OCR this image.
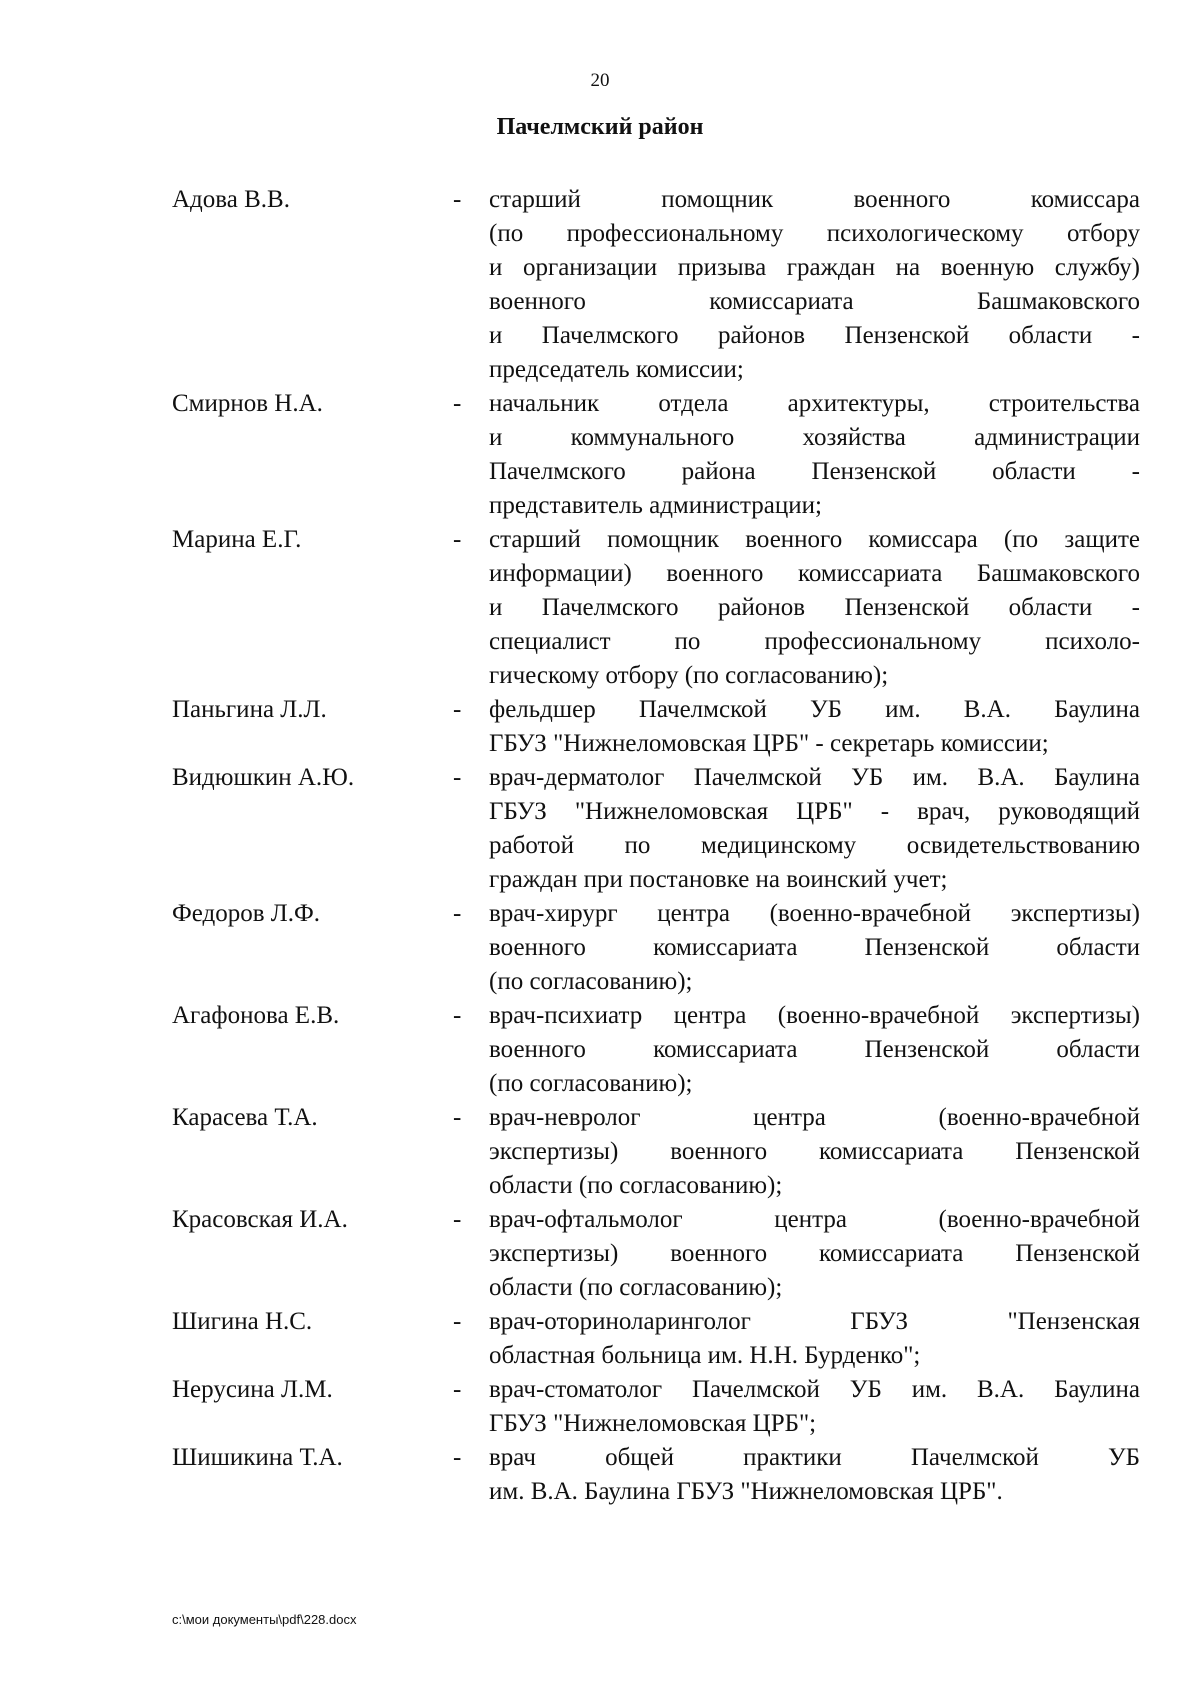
20
Пачелмский район
Адова В.В.	-	старший помощник военного комиссара
(по профессиональному психологическому отбору
и организации призыва граждан на военную службу)
военного комиссариата Башмаковского
и Пачелмского районов Пензенской области -
председатель комиссии;
Смирнов Н.А.	-	начальник отдела архитектуры, строительства
и коммунального хозяйства администрации
Пачелмского района Пензенской области -
представитель администрации;
Марина Е.Г.	-	старший помощник военного комиссара (по защите
информации) военного комиссариата Башмаковского
и Пачелмского районов Пензенской области -
специалист по профессиональному психоло-
гическому отбору (по согласованию);
Паньгина Л.Л.	-	фельдшер Пачелмской УБ им. В.А. Баулина
ГБУЗ "Нижнеломовская ЦРБ" - секретарь комиссии;
Видюшкин А.Ю.	-	врач-дерматолог Пачелмской УБ им. В.А. Баулина
ГБУЗ "Нижнеломовская ЦРБ" - врач, руководящий
работой по медицинскому освидетельствованию
граждан при постановке на воинский учет;
Федоров Л.Ф.	-	врач-хирург центра (военно-врачебной экспертизы)
военного комиссариата Пензенской области
(по согласованию);
Агафонова Е.В.	-	врач-психиатр центра (военно-врачебной экспертизы)
военного комиссариата Пензенской области
(по согласованию);
Карасева Т.А.	-	врач-невролог центра (военно-врачебной
экспертизы) военного комиссариата Пензенской
области (по согласованию);
Красовская И.А.	-	врач-офтальмолог центра (военно-врачебной
экспертизы) военного комиссариата Пензенской
области (по согласованию);
Шигина Н.С.	-	врач-оториноларинголог ГБУЗ "Пензенская
областная больница им. Н.Н. Бурденко";
Нерусина Л.М.	-	врач-стоматолог Пачелмской УБ им. В.А. Баулина
ГБУЗ "Нижнеломовская ЦРБ";
Шишикина Т.А.	-	врач общей практики Пачелмской УБ
им. В.А. Баулина ГБУЗ "Нижнеломовская ЦРБ".
c:\мои документы\pdf\228.docx
